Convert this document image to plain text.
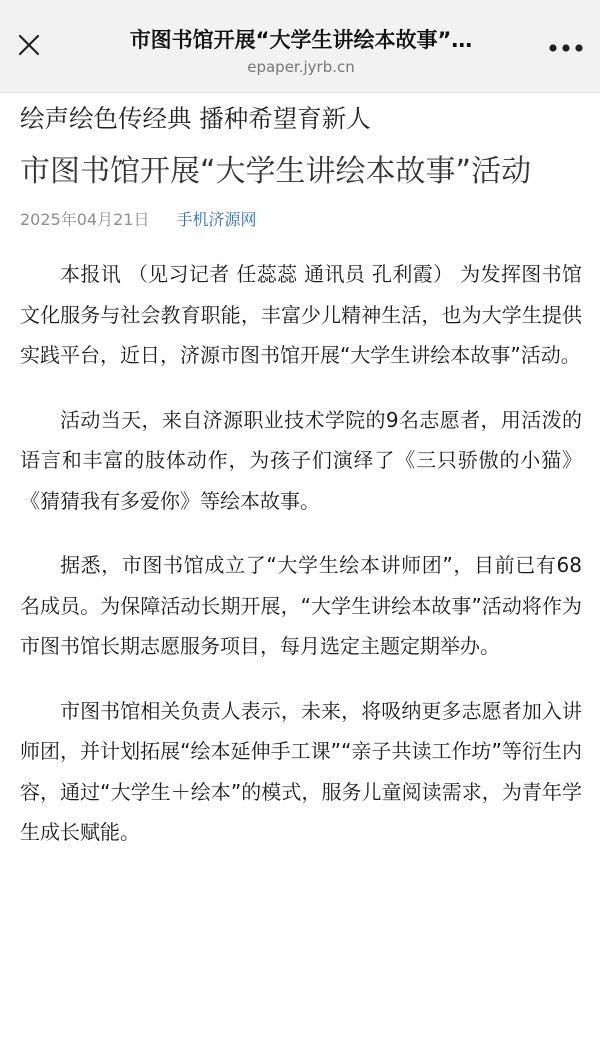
市图书馆开展“大学生讲绘本故事”…
epaper.jyrb.cn
绘声绘色传经典 播种希望育新人
市图书馆开展“大学生讲绘本故事”活动
2025年04月21日 手机济源网

本报讯 （见习记者 任蕊蕊 通讯员 孔利霞） 为发挥图书馆文化服务与社会教育职能，丰富少儿精神生活，也为大学生提供实践平台，近日，济源市图书馆开展“大学生讲绘本故事”活动。

活动当天，来自济源职业技术学院的9名志愿者，用活泼的语言和丰富的肢体动作，为孩子们演绎了《三只骄傲的小猫》《猜猜我有多爱你》等绘本故事。

据悉，市图书馆成立了“大学生绘本讲师团”，目前已有68名成员。为保障活动长期开展，“大学生讲绘本故事”活动将作为市图书馆长期志愿服务项目，每月选定主题定期举办。

市图书馆相关负责人表示，未来，将吸纳更多志愿者加入讲师团，并计划拓展“绘本延伸手工课”“亲子共读工作坊”等衍生内容，通过“大学生＋绘本”的模式，服务儿童阅读需求，为青年学生成长赋能。
